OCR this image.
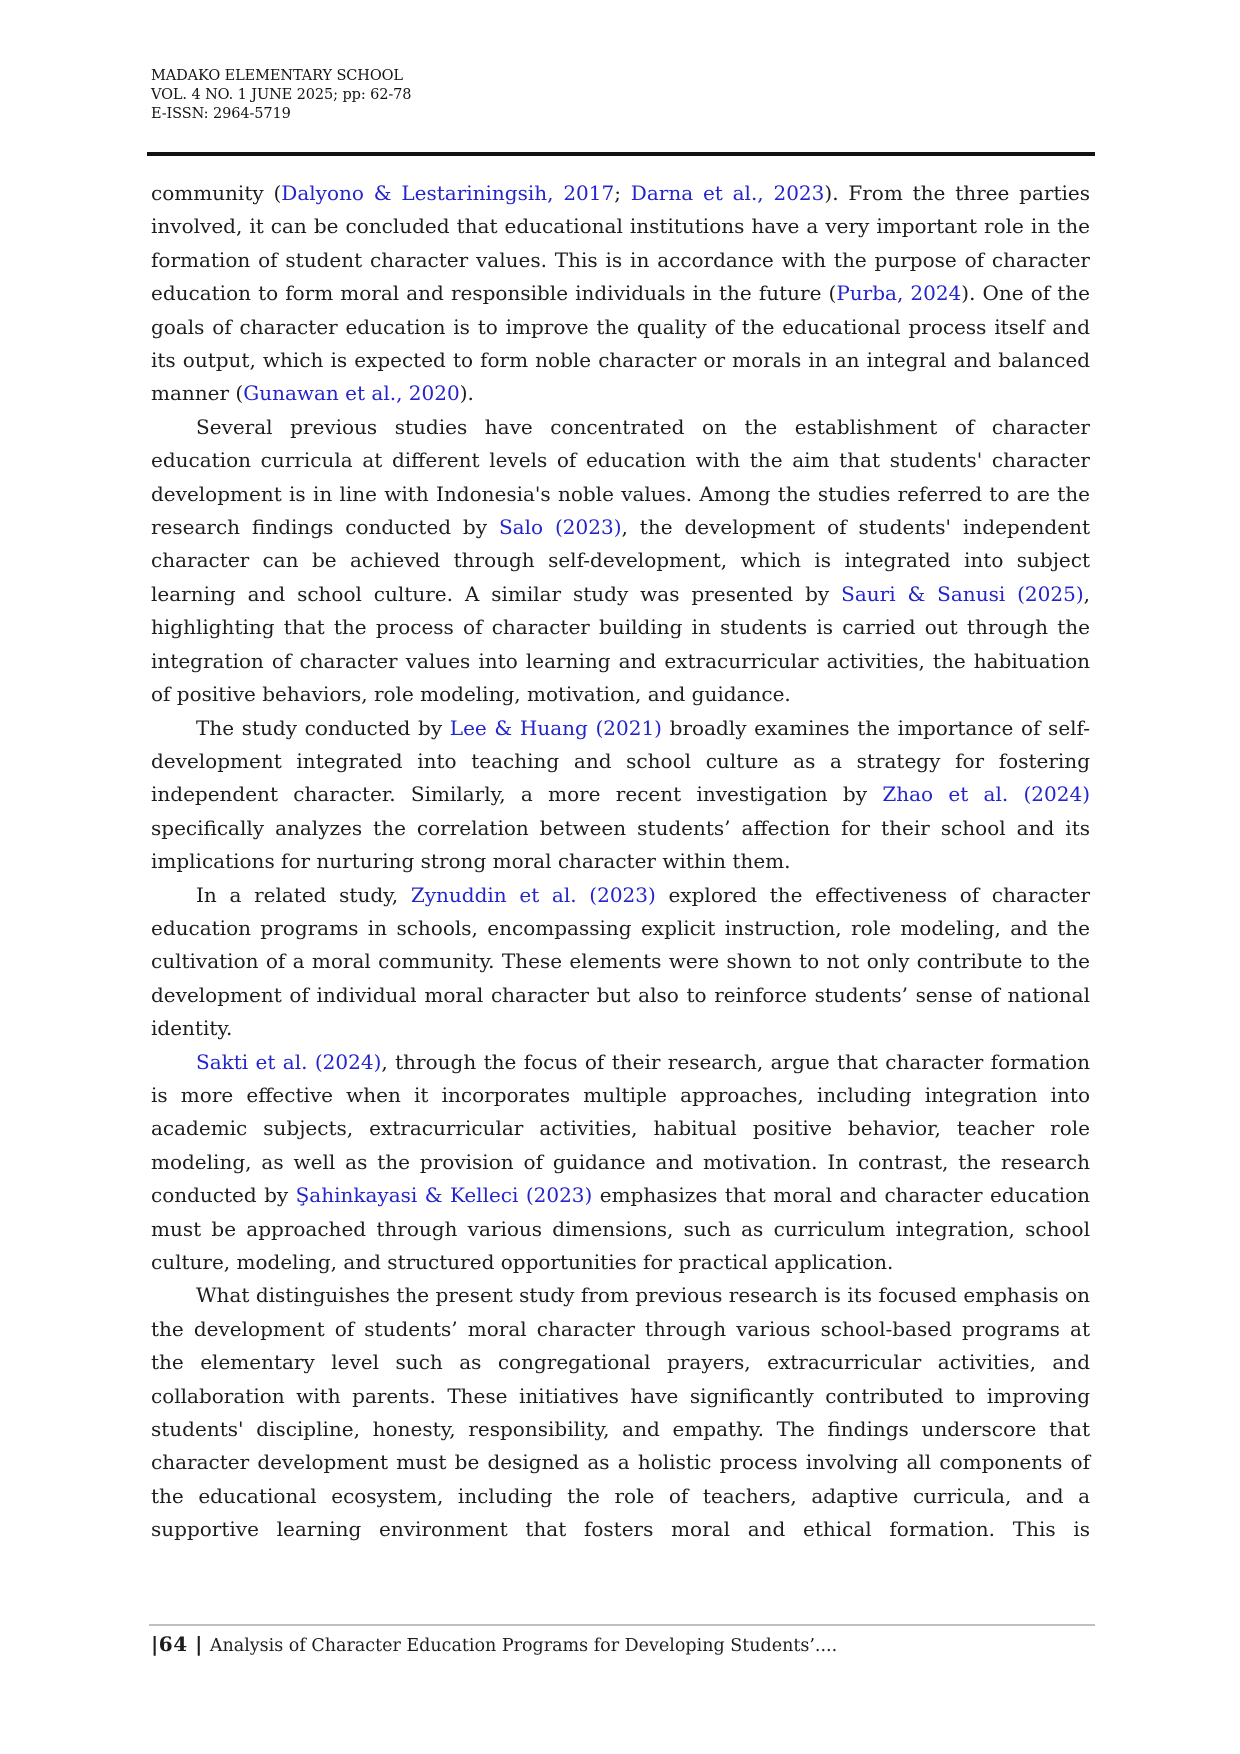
MADAKO ELEMENTARY SCHOOL
VOL. 4 NO. 1 JUNE 2025; pp: 62-78
E-ISSN: 2964-5719

community (Dalyono & Lestariningsih, 2017; Darna et al., 2023). From the three parties involved, it can be concluded that educational institutions have a very important role in the formation of student character values. This is in accordance with the purpose of character education to form moral and responsible individuals in the future (Purba, 2024). One of the goals of character education is to improve the quality of the educational process itself and its output, which is expected to form noble character or morals in an integral and balanced manner (Gunawan et al., 2020).

Several previous studies have concentrated on the establishment of character education curricula at different levels of education with the aim that students' character development is in line with Indonesia's noble values. Among the studies referred to are the research findings conducted by Salo (2023), the development of students' independent character can be achieved through self-development, which is integrated into subject learning and school culture. A similar study was presented by Sauri & Sanusi (2025), highlighting that the process of character building in students is carried out through the integration of character values into learning and extracurricular activities, the habituation of positive behaviors, role modeling, motivation, and guidance.

The study conducted by Lee & Huang (2021) broadly examines the importance of self-development integrated into teaching and school culture as a strategy for fostering independent character. Similarly, a more recent investigation by Zhao et al. (2024) specifically analyzes the correlation between students’ affection for their school and its implications for nurturing strong moral character within them.

In a related study, Zynuddin et al. (2023) explored the effectiveness of character education programs in schools, encompassing explicit instruction, role modeling, and the cultivation of a moral community. These elements were shown to not only contribute to the development of individual moral character but also to reinforce students’ sense of national identity.

Sakti et al. (2024), through the focus of their research, argue that character formation is more effective when it incorporates multiple approaches, including integration into academic subjects, extracurricular activities, habitual positive behavior, teacher role modeling, as well as the provision of guidance and motivation. In contrast, the research conducted by Şahinkayasi & Kelleci (2023) emphasizes that moral and character education must be approached through various dimensions, such as curriculum integration, school culture, modeling, and structured opportunities for practical application.

What distinguishes the present study from previous research is its focused emphasis on the development of students’ moral character through various school-based programs at the elementary level such as congregational prayers, extracurricular activities, and collaboration with parents. These initiatives have significantly contributed to improving students' discipline, honesty, responsibility, and empathy. The findings underscore that character development must be designed as a holistic process involving all components of the educational ecosystem, including the role of teachers, adaptive curricula, and a supportive learning environment that fosters moral and ethical formation. This is

|64 | Analysis of Character Education Programs for Developing Students’....
